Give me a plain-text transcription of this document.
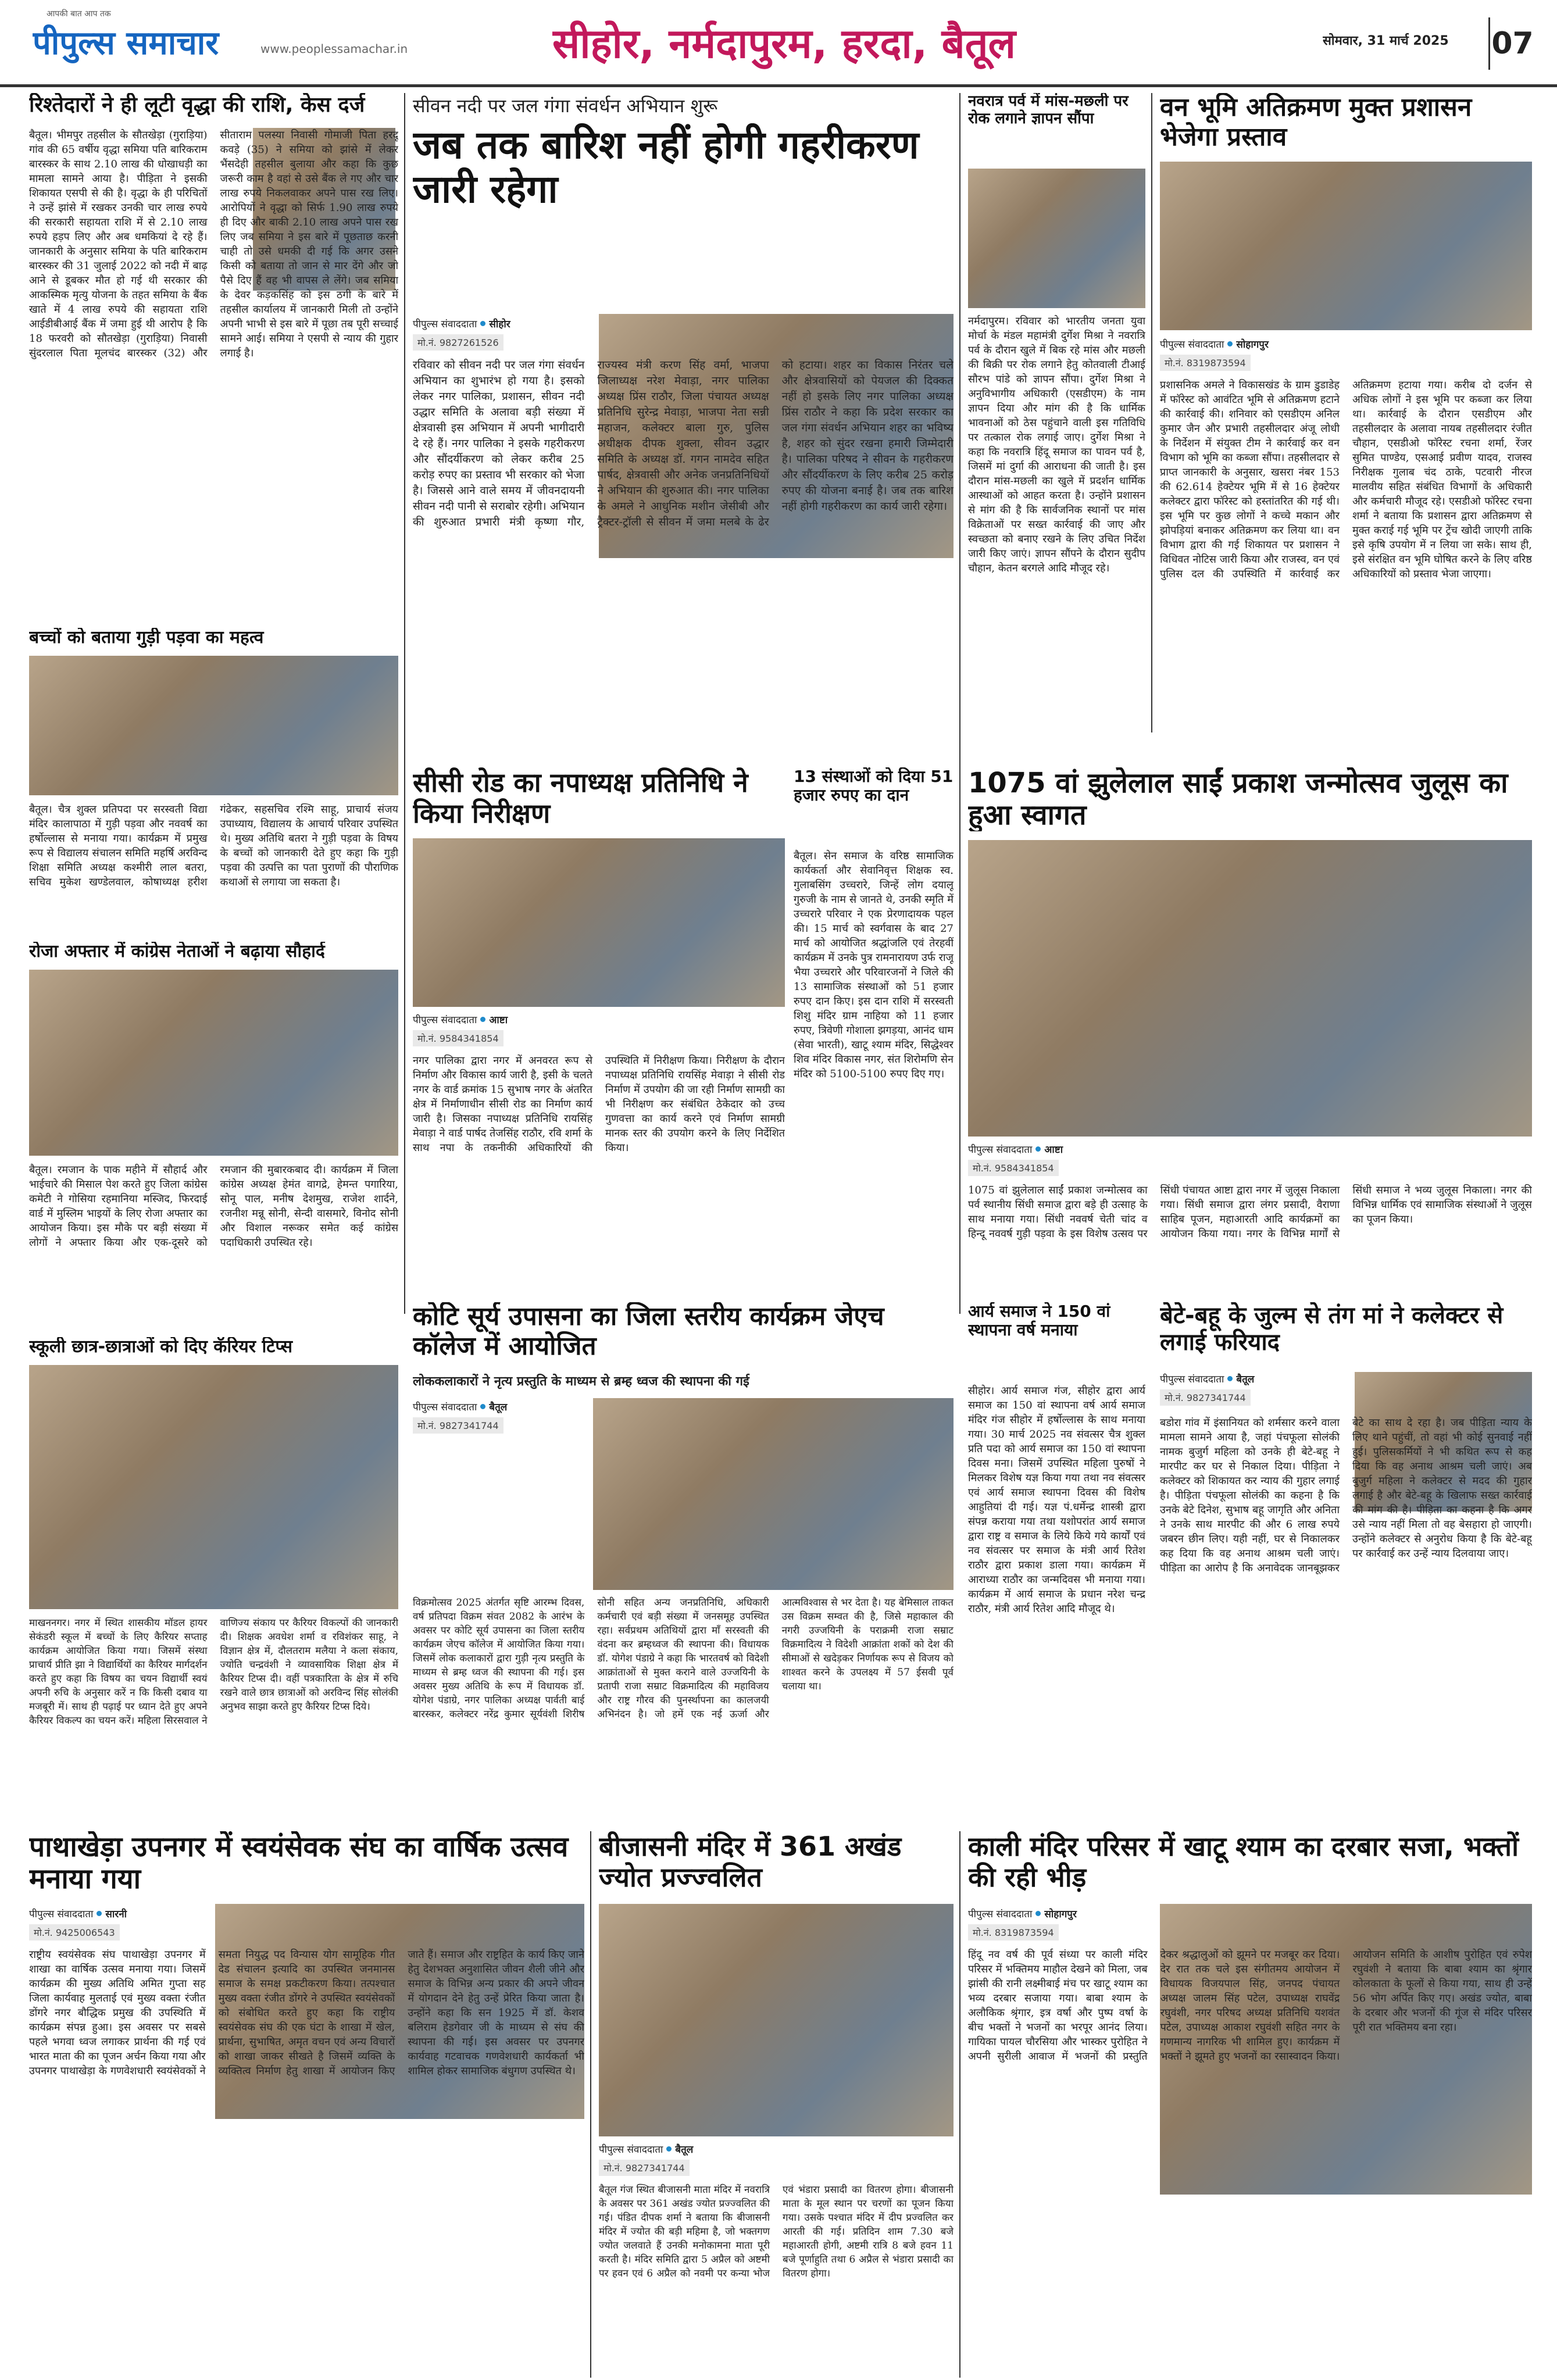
आपकी बात आप तक
पीपुल्स समाचार	www.peoplessamachar.in	सीहोर, नर्मदापुरम, हरदा, बैतूल	सोमवार, 31 मार्च 2025	07
रिश्तेदारों ने ही लूटी वृद्धा की राशि, केस दर्ज
बैतूल। भीमपुर तहसील के सौतखेड़ा (गुराड़िया) गांव की 65 वर्षीय वृद्धा समिया पति बारिकराम बारस्कर के साथ 2.10 लाख की धोखाधड़ी का मामला सामने आया है। पीड़िता ने इसकी शिकायत एसपी से की है। वृद्धा के ही परिचितों ने उन्हें झांसे में रखकर उनकी चार लाख रुपये की सरकारी सहायता राशि में से 2.10 लाख रुपये हड़प लिए और अब धमकियां दे रहे हैं। जानकारी के अनुसार समिया के पति बारिकराम बारस्कर की 31 जुलाई 2022 को नदी में बाढ़ आने से डूबकर मौत हो गई थी सरकार की आकस्मिक मृत्यु योजना के तहत समिया के बैंक खाते में 4 लाख रुपये की सहायता राशि आईडीबीआई बैंक में जमा हुई थी आरोप है कि 18 फरवरी को सौतखेड़ा (गुराड़िया) निवासी सुंदरलाल पिता मूलचंद बारस्कर (32) और सीताराम पलस्या निवासी गोमाजी पिता हरदू कवड़े (35) ने समिया को झांसे में लेकर भैंसदेही तहसील बुलाया और कहा कि कुछ जरूरी काम है वहां से उसे बैंक ले गए और चार लाख रुपये निकलवाकर अपने पास रख लिए। आरोपियों ने वृद्धा को सिर्फ 1.90 लाख रुपये ही दिए और बाकी 2.10 लाख अपने पास रख लिए जब समिया ने इस बारे में पूछताछ करनी चाही तो उसे धमकी दी गई कि अगर उसने किसी को बताया तो जान से मार देंगे और जो पैसे दिए हैं वह भी वापस ले लेंगे। जब समिया के देवर कड़कसिंह को इस ठगी के बारे में तहसील कार्यालय में जानकारी मिली तो उन्होंने अपनी भाभी से इस बारे में पूछा तब पूरी सच्चाई सामने आई। समिया ने एसपी से न्याय की गुहार लगाई है।
बच्चों को बताया गुड़ी पड़वा का महत्व
बैतूल। चैत्र शुक्ल प्रतिपदा पर सरस्वती विद्या मंदिर कालापाठा में गुड़ी पड़वा और नववर्ष का हर्षोल्लास से मनाया गया। कार्यक्रम में प्रमुख रूप से विद्यालय संचालन समिति महर्षि अरविन्द शिक्षा समिति अध्यक्ष कश्मीरी लाल बतरा, सचिव मुकेश खण्डेलवाल, कोषाध्यक्ष हरीश गंढेकर, सहसचिव रश्मि साहू, प्राचार्य संजय उपाध्याय, विद्यालय के आचार्य परिवार उपस्थित थे। मुख्य अतिथि बतरा ने गुड़ी पड़वा के विषय के बच्चों को जानकारी देते हुए कहा कि गुड़ी पड़वा की उत्पत्ति का पता पुराणों की पौराणिक कथाओं से लगाया जा सकता है।
रोजा अफ्तार में कांग्रेस नेताओं ने बढ़ाया सौहार्द
बैतूल। रमजान के पाक महीने में सौहार्द और भाईचारे की मिसाल पेश करते हुए जिला कांग्रेस कमेटी ने गोसिया रहमानिया मस्जिद, फिरदाई वार्ड में मुस्लिम भाइयों के लिए रोजा अफ्तार का आयोजन किया। इस मौके पर बड़ी संख्या में लोगों ने अफ्तार किया और एक-दूसरे को रमजान की मुबारकबाद दी। कार्यक्रम में जिला कांग्रेस अध्यक्ष हेमंत वागद्रे, हेमन्त पगारिया, सोनू पाल, मनीष देशमुख, राजेश शार्दने, रजनीश मन्नू सोनी, सेन्दी वासमारे, विनोद सोनी और विशाल नरूकर समेत कई कांग्रेस पदाधिकारी उपस्थित रहे।
स्कूली छात्र-छात्राओं को दिए कॅरियर टिप्स
माखननगर। नगर में स्थित शासकीय मॉडल हायर सेकंडरी स्कूल में बच्चों के लिए कैरियर सप्ताह कार्यक्रम आयोजित किया गया। जिसमें संस्था प्राचार्य प्रीति झा ने विद्यार्थियों का कैरियर मार्गदर्शन करते हुए कहा कि विषय का चयन विद्यार्थी स्वयं अपनी रुचि के अनुसार करें न कि किसी दबाव या मजबूरी में। साथ ही पढ़ाई पर ध्यान देते हुए अपने कैरियर विकल्प का चयन करें। महिला सिरसवाल ने वाणिज्य संकाय पर कैरियर विकल्पों की जानकारी दी। शिक्षक अवधेश शर्मा व रविशंकर साहू, ने विज्ञान क्षेत्र में, दौलतराम मलैया ने कला संकाय, ज्योति चन्द्रवंशी ने व्यावसायिक शिक्षा क्षेत्र में कैरियर टिप्स दी। वहीं पत्रकारिता के क्षेत्र में रुचि रखने वाले छात्र छात्राओं को अरविन्द सिंह सोलंकी अनुभव साझा करते हुए कैरियर टिप्स दिये।
सीवन नदी पर जल गंगा संवर्धन अभियान शुरू
जब तक बारिश नहीं होगी गहरीकरण जारी रहेगा
पीपुल्स संवाददाता सीहोर
मो.नं. 9827261526
रविवार को सीवन नदी पर जल गंगा संवर्धन अभियान का शुभारंभ हो गया है। इसको लेकर नगर पालिका, प्रशासन, सीवन नदी उद्धार समिति के अलावा बड़ी संख्या में क्षेत्रवासी इस अभियान में अपनी भागीदारी दे रहे हैं। नगर पालिका ने इसके गहरीकरण और सौंदर्यीकरण को लेकर करीब 25 करोड़ रुपए का प्रस्ताव भी सरकार को भेजा है। जिससे आने वाले समय में जीवनदायनी सीवन नदी पानी से सराबोर रहेगी। अभियान की शुरुआत प्रभारी मंत्री कृष्णा गौर, राज्यस्व मंत्री करण सिंह वर्मा, भाजपा जिलाध्यक्ष नरेश मेवाड़ा, नगर पालिका अध्यक्ष प्रिंस राठौर, जिला पंचायत अध्यक्ष प्रतिनिधि सुरेन्द्र मेवाड़ा, भाजपा नेता सन्नी महाजन, कलेक्टर बाला गुरु, पुलिस अधीक्षक दीपक शुक्ला, सीवन उद्धार समिति के अध्यक्ष डॉ. गगन नामदेव सहित पार्षद, क्षेत्रवासी और अनेक जनप्रतिनिधियों ने अभियान की शुरुआत की। नगर पालिका के अमले ने आधुनिक मशीन जेसीबी और ट्रैक्टर-ट्रॉली से सीवन में जमा मलबे के ढेर को हटाया। शहर का विकास निरंतर चले और क्षेत्रवासियों को पेयजल की दिक्कत नहीं हो इसके लिए नगर पालिका अध्यक्ष प्रिंस राठौर ने कहा कि प्रदेश सरकार का जल गंगा संवर्धन अभियान शहर का भविष्य है, शहर को सुंदर रखना हमारी जिम्मेदारी है। पालिका परिषद ने सीवन के गहरीकरण और सौंदर्यीकरण के लिए करीब 25 करोड़ रुपए की योजना बनाई है। जब तक बारिश नहीं होगी गहरीकरण का कार्य जारी रहेगा।
नवरात्र पर्व में मांस-मछली पर रोक लगाने ज्ञापन सौंपा
नर्मदापुरम। रविवार को भारतीय जनता युवा मोर्चा के मंडल महामंत्री दुर्गेश मिश्रा ने नवरात्रि पर्व के दौरान खुले में बिक रहे मांस और मछली की बिक्री पर रोक लगाने हेतु कोतवाली टीआई सौरभ पांडे को ज्ञापन सौंपा। दुर्गेश मिश्रा ने अनुविभागीय अधिकारी (एसडीएम) के नाम ज्ञापन दिया और मांग की है कि धार्मिक भावनाओं को ठेस पहुंचाने वाली इस गतिविधि पर तत्काल रोक लगाई जाए। दुर्गेश मिश्रा ने कहा कि नवरात्रि हिंदू समाज का पावन पर्व है, जिसमें मां दुर्गा की आराधना की जाती है। इस दौरान मांस-मछली का खुले में प्रदर्शन धार्मिक आस्थाओं को आहत करता है। उन्होंने प्रशासन से मांग की है कि सार्वजनिक स्थानों पर मांस विक्रेताओं पर सख्त कार्रवाई की जाए और स्वच्छता को बनाए रखने के लिए उचित निर्देश जारी किए जाएं। ज्ञापन सौंपने के दौरान सुदीप चौहान, केतन बरगले आदि मौजूद रहे।
वन भूमि अतिक्रमण मुक्त प्रशासन भेजेगा प्रस्ताव
पीपुल्स संवाददाता सोहागपुर
मो.नं. 8319873594
प्रशासनिक अमले ने विकासखंड के ग्राम डुडाडेह में फॉरेस्ट को आवंटित भूमि से अतिक्रमण हटाने की कार्रवाई की। शनिवार को एसडीएम अनिल कुमार जैन और प्रभारी तहसीलदार अंजू लोधी के निर्देशन में संयुक्त टीम ने कार्रवाई कर वन विभाग को भूमि का कब्जा सौंपा। तहसीलदार से प्राप्त जानकारी के अनुसार, खसरा नंबर 153 की 62.614 हेक्टेयर भूमि में से 16 हेक्टेयर कलेक्टर द्वारा फॉरेस्ट को हस्तांतरित की गई थी। इस भूमि पर कुछ लोगों ने कच्चे मकान और झोपड़ियां बनाकर अतिक्रमण कर लिया था। वन विभाग द्वारा की गई शिकायत पर प्रशासन ने विधिवत नोटिस जारी किया और राजस्व, वन एवं पुलिस दल की उपस्थिति में कार्रवाई कर अतिक्रमण हटाया गया। करीब दो दर्जन से अधिक लोगों ने इस भूमि पर कब्जा कर लिया था। कार्रवाई के दौरान एसडीएम और तहसीलदार के अलावा नायब तहसीलदार रंजीत चौहान, एसडीओ फॉरेस्ट रचना शर्मा, रेंजर सुमित पाण्डेय, एसआई प्रवीण यादव, राजस्व निरीक्षक गुलाब चंद ठाके, पटवारी नीरज मालवीय सहित संबंधित विभागों के अधिकारी और कर्मचारी मौजूद रहे। एसडीओ फॉरेस्ट रचना शर्मा ने बताया कि प्रशासन द्वारा अतिक्रमण से मुक्त कराई गई भूमि पर ट्रेंच खोदी जाएगी ताकि इसे कृषि उपयोग में न लिया जा सके। साथ ही, इसे संरक्षित वन भूमि घोषित करने के लिए वरिष्ठ अधिकारियों को प्रस्ताव भेजा जाएगा।
सीसी रोड का नपाध्यक्ष प्रतिनिधि ने किया निरीक्षण
पीपुल्स संवाददाता आष्टा
मो.नं. 9584341854
नगर पालिका द्वारा नगर में अनवरत रूप से निर्माण और विकास कार्य जारी है, इसी के चलते नगर के वार्ड क्रमांक 15 सुभाष नगर के अंतरित क्षेत्र में निर्माणाधीन सीसी रोड का निर्माण कार्य जारी है। जिसका नपाध्यक्ष प्रतिनिधि रायसिंह मेवाड़ा ने वार्ड पार्षद तेजसिंह राठौर, रवि शर्मा के साथ नपा के तकनीकी अधिकारियों की उपस्थिति में निरीक्षण किया। निरीक्षण के दौरान नपाध्यक्ष प्रतिनिधि रायसिंह मेवाड़ा ने सीसी रोड निर्माण में उपयोग की जा रही निर्माण सामग्री का भी निरीक्षण कर संबंधित ठेकेदार को उच्च गुणवत्ता का कार्य करने एवं निर्माण सामग्री मानक स्तर की उपयोग करने के लिए निर्देशित किया।
13 संस्थाओं को दिया 51 हजार रुपए का दान
बैतूल। सेन समाज के वरिष्ठ सामाजिक कार्यकर्ता और सेवानिवृत्त शिक्षक स्व. गुलाबसिंग उच्चरारे, जिन्हें लोग दयालू गुरुजी के नाम से जानते थे, उनकी स्मृति में उच्चरारे परिवार ने एक प्रेरणादायक पहल की। 15 मार्च को स्वर्गवास के बाद 27 मार्च को आयोजित श्रद्धांजलि एवं तेरहवीं कार्यक्रम में उनके पुत्र रामनारायण उर्फ राजू भैया उच्चरारे और परिवारजनों ने जिले की 13 सामाजिक संस्थाओं को 51 हजार रुपए दान किए। इस दान राशि में सरस्वती शिशु मंदिर ग्राम नाहिया को 11 हजार रुपए, त्रिवेणी गोशाला झगड़या, आनंद धाम (सेवा भारती), खाटू श्याम मंदिर, सिद्धेश्वर शिव मंदिर विकास नगर, संत शिरोमणि सेन मंदिर को 5100-5100 रुपए दिए गए।
1075 वां झुलेलाल साईं प्रकाश जन्मोत्सव जुलूस का हुआ स्वागत
पीपुल्स संवाददाता आष्टा
मो.नं. 9584341854
1075 वां झुलेलाल साईं प्रकाश जन्मोत्सव का पर्व स्थानीय सिंधी समाज द्वारा बड़े ही उत्साह के साथ मनाया गया। सिंधी नववर्ष चेती चांद व हिन्दू नववर्ष गुड़ी पड़वा के इस विशेष उत्सव पर सिंधी पंचायत आष्टा द्वारा नगर में जुलूस निकाला गया। सिंधी समाज द्वारा लंगर प्रसादी, वैराणा साहिब पूजन, महाआरती आदि कार्यक्रमों का आयोजन किया गया। नगर के विभिन्न मार्गों से सिंधी समाज ने भव्य जुलूस निकाला। नगर की विभिन्न धार्मिक एवं सामाजिक संस्थाओं ने जुलूस का पूजन किया।
कोटि सूर्य उपासना का जिला स्तरीय कार्यक्रम जेएच कॉलेज में आयोजित
लोककलाकारों ने नृत्य प्रस्तुति के माध्यम से ब्रम्ह ध्वज की स्थापना की गई
पीपुल्स संवाददाता बैतूल
मो.नं. 9827341744
विक्रमोत्सव 2025 अंतर्गत सृष्टि आरम्भ दिवस, वर्ष प्रतिपदा विक्रम संवत 2082 के आरंभ के अवसर पर कोटि सूर्य उपासना का जिला स्तरीय कार्यक्रम जेएच कॉलेज में आयोजित किया गया। जिसमें लोक कलाकारों द्वारा गुड़ी नृत्य प्रस्तुति के माध्यम से ब्रम्ह ध्वज की स्थापना की गई। इस अवसर मुख्य अतिथि के रूप में विधायक डॉ. योगेश पंडाग्रे, नगर पालिका अध्यक्ष पार्वती बाई बारस्कर, कलेक्टर नरेंद्र कुमार सूर्यवंशी शिरीष सोनी सहित अन्य जनप्रतिनिधि, अधिकारी कर्मचारी एवं बड़ी संख्या में जनसमूह उपस्थित रहा। सर्वप्रथम अतिथियों द्वारा माँ सरस्वती की वंदना कर ब्रम्हध्वज की स्थापना की। विधायक डॉ. योगेश पंडाग्रे ने कहा कि भारतवर्ष को विदेशी आक्रांताओं से मुक्त कराने वाले उज्जयिनी के प्रतापी राजा सम्राट विक्रमादित्य की महाविजय और राष्ट्र गौरव की पुनर्स्थापना का कालजयी अभिनंदन है। जो हमें एक नई ऊर्जा और आत्मविश्वास से भर देता है। यह बेमिसाल ताकत उस विक्रम सम्वत की है, जिसे महाकाल की नगरी उज्जयिनी के पराक्रमी राजा सम्राट विक्रमादित्य ने विदेशी आक्रांता शकों को देश की सीमाओं से खदेड़कर निर्णायक रूप से विजय को शाश्वत करने के उपलक्ष्य में 57 ईसवी पूर्व चलाया था।
आर्य समाज ने 150 वां स्थापना वर्ष मनाया
सीहोर। आर्य समाज गंज, सीहोर द्वारा आर्य समाज का 150 वां स्थापना वर्ष आर्य समाज मंदिर गंज सीहोर में हर्षोल्लास के साथ मनाया गया। 30 मार्च 2025 नव संवत्सर चैत्र शुक्ल प्रति पदा को आर्य समाज का 150 वां स्थापना दिवस मना। जिसमें उपस्थित महिला पुरुषों ने मिलकर विशेष यज्ञ किया गया तथा नव संवत्सर एवं आर्य समाज स्थापना दिवस की विशेष आहुतियां दी गई। यज्ञ पं.धर्मेन्द्र शास्त्री द्वारा संपन्न कराया गया तथा यशोपरांत आर्य समाज द्वारा राष्ट्र व समाज के लिये किये गये कार्यों एवं नव संवत्सर पर समाज के मंत्री आर्य रितेश राठौर द्वारा प्रकाश डाला गया। कार्यक्रम में आराध्या राठौर का जन्मदिवस भी मनाया गया। कार्यक्रम में आर्य समाज के प्रधान नरेश चन्द्र राठौर, मंत्री आर्य रितेश आदि मौजूद थे।
बेटे-बहू के जुल्म से तंग मां ने कलेक्टर से लगाई फरियाद
पीपुल्स संवाददाता बैतूल
मो.नं. 9827341744
बडोरा गांव में इंसानियत को शर्मसार करने वाला मामला सामने आया है, जहां पंचफूला सोलंकी नामक बुजुर्ग महिला को उनके ही बेटे-बहू ने मारपीट कर घर से निकाल दिया। पीड़िता ने कलेक्टर को शिकायत कर न्याय की गुहार लगाई है। पीड़िता पंचफूला सोलंकी का कहना है कि उनके बेटे दिनेश, सुभाष बहू जागृति और अनिता ने उनके साथ मारपीट की और 6 लाख रुपये जबरन छीन लिए। यही नहीं, घर से निकालकर कह दिया कि वह अनाथ आश्रम चली जाएं। पीड़िता का आरोप है कि अनावेदक जानबूझकर बेटे का साथ दे रहा है। जब पीड़िता न्याय के लिए थाने पहुंचीं, तो वहां भी कोई सुनवाई नहीं हुई। पुलिसकर्मियों ने भी कथित रूप से कह दिया कि वह अनाथ आश्रम चली जाएं। अब बुजुर्ग महिला ने कलेक्टर से मदद की गुहार लगाई है और बेटे-बहू के खिलाफ सख्त कार्रवाई की मांग की है। पीड़िता का कहना है कि अगर उसे न्याय नहीं मिला तो वह बेसहारा हो जाएगी। उन्होंने कलेक्टर से अनुरोध किया है कि बेटे-बहू पर कार्रवाई कर उन्हें न्याय दिलवाया जाए।
पाथाखेड़ा उपनगर में स्वयंसेवक संघ का वार्षिक उत्सव मनाया गया
पीपुल्स संवाददाता सारनी
मो.नं. 9425006543
राष्ट्रीय स्वयंसेवक संघ पाथाखेड़ा उपनगर में शाखा का वार्षिक उत्सव मनाया गया। जिसमें कार्यक्रम की मुख्य अतिथि अमित गुप्ता सह जिला कार्यवाह मुलताई एवं मुख्य वक्ता रंजीत डोंगरे नगर बौद्धिक प्रमुख की उपस्थिति में कार्यक्रम संपन्न हुआ। इस अवसर पर सबसे पहले भगवा ध्वज लगाकर प्रार्थना की गई एवं भारत माता की का पूजन अर्चन किया गया और उपनगर पाथाखेड़ा के गणवेशधारी स्वयंसेवकों ने समता नियुद्ध पद विन्यास योग सामूहिक गीत देड संचालन इत्यादि का उपस्थित जनमानस समाज के समक्ष प्रकटीकरण किया। तत्पश्चात मुख्य वक्ता रंजीत डोंगरे ने उपस्थित स्वयंसेवकों को संबोधित करते हुए कहा कि राष्ट्रीय स्वयंसेवक संघ की एक घंटा के शाखा में खेल, प्रार्थना, सुभाषित, अमृत वचन एवं अन्य विचारों को शाखा जाकर सीखते है जिसमें व्यक्ति के व्यक्तित्व निर्माण हेतु शाखा में आयोजन किए जाते हैं। समाज और राष्ट्रहित के कार्य किए जाने हेतु देशभक्त अनुशासित जीवन शैली जीने और समाज के विभिन्न अन्य प्रकार की अपने जीवन में योगदान देने हेतु उन्हें प्रेरित किया जाता है। उन्होंने कहा कि सन 1925 में डॉ. केशव बलिराम हेडगेवार जी के माध्यम से संघ की स्थापना की गई। इस अवसर पर उपनगर कार्यवाह गटवाचक गणवेशधारी कार्यकर्ता भी शामिल होकर सामाजिक बंधुगण उपस्थित थे।
बीजासनी मंदिर में 361 अखंड ज्योत प्रज्ज्वलित
पीपुल्स संवाददाता बैतूल
मो.नं. 9827341744
बैतूल गंज स्थित बीजासनी माता मंदिर में नवरात्रि के अवसर पर 361 अखंड ज्योत प्रज्ज्वलित की गई। पंडित दीपक शर्मा ने बताया कि बीजासनी मंदिर में ज्योत की बड़ी महिमा है, जो भक्तगण ज्योत जलवाते हैं उनकी मनोकामना माता पूरी करती है। मंदिर समिति द्वारा 5 अप्रैल को अष्टमी पर हवन एवं 6 अप्रैल को नवमी पर कन्या भोज एवं भंडारा प्रसादी का वितरण होगा। बीजासनी माता के मूल स्थान पर चरणों का पूजन किया गया। उसके पश्चात मंदिर में दीप प्रज्वलित कर आरती की गई। प्रतिदिन शाम 7.30 बजे महाआरती होगी, अष्टमी रात्रि 8 बजे हवन 11 बजे पूर्णाहुति तथा 6 अप्रैल से भंडारा प्रसादी का वितरण होगा।
काली मंदिर परिसर में खाटू श्याम का दरबार सजा, भक्तों की रही भीड़
पीपुल्स संवाददाता सोहागपुर
मो.नं. 8319873594
हिंदू नव वर्ष की पूर्व संध्या पर काली मंदिर परिसर में भक्तिमय माहौल देखने को मिला, जब झांसी की रानी लक्ष्मीबाई मंच पर खाटू श्याम का भव्य दरबार सजाया गया। बाबा श्याम के अलौकिक श्रृंगार, इत्र वर्षा और पुष्प वर्षा के बीच भक्तों ने भजनों का भरपूर आनंद लिया। गायिका पायल चौरसिया और भास्कर पुरोहित ने अपनी सुरीली आवाज में भजनों की प्रस्तुति देकर श्रद्धालुओं को झूमने पर मजबूर कर दिया। देर रात तक चले इस संगीतमय आयोजन में विधायक विजयपाल सिंह, जनपद पंचायत अध्यक्ष जालम सिंह पटेल, उपाध्यक्ष राघवेंद्र रघुवंशी, नगर परिषद अध्यक्ष प्रतिनिधि यशवंत पटेल, उपाध्यक्ष आकाश रघुवंशी सहित नगर के गणमान्य नागरिक भी शामिल हुए। कार्यक्रम में भक्तों ने झूमते हुए भजनों का रसास्वादन किया। आयोजन समिति के आशीष पुरोहित एवं रुपेश रघुवंशी ने बताया कि बाबा श्याम का श्रृंगार कोलकाता के फूलों से किया गया, साथ ही उन्हें 56 भोग अर्पित किए गए। अखंड ज्योत, बाबा के दरबार और भजनों की गूंज से मंदिर परिसर पूरी रात भक्तिमय बना रहा।
